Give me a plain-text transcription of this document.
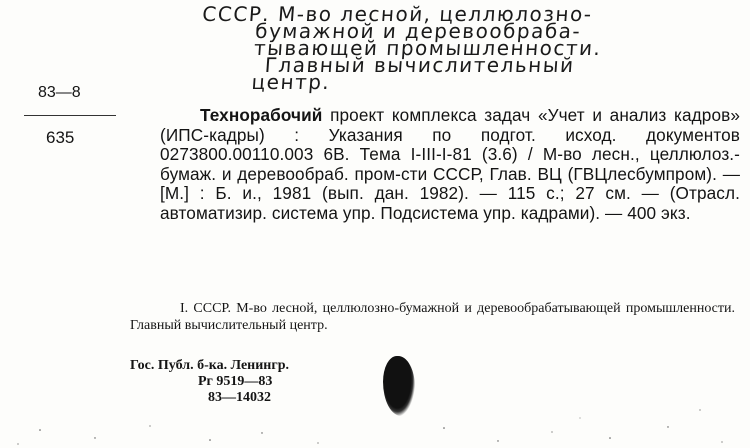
СССР. М-во лесной, целлюлозно-
бумажной и деревообраба-
тывающей промышленности.
Главный вычислительный
центр.
83—8
635
Технорабочий проект комплекса задач «Учет и анализ кадров» (ИПС-кадры) : Указания по подгот. исход. документов 0273800.00110.003 6В. Тема I-III-I-81 (3.6) / М-во лесн., целлюлоз.-бумаж. и деревообраб. пром-сти СССР, Глав. ВЦ (ГВЦлесбумпром). — [М.] : Б. и., 1981 (вып. дан. 1982). — 115 с.; 27 см. — (Отрасл. автоматизир. система упр. Подсистема упр. кадрами). — 400 экз.
I. СССР. М-во лесной, целлюлозно-бумажной и деревообрабатывающей промышленности. Главный вычислительный центр.
Гос. Публ. б-ка. Ленингр.
Рг 9519—83
83—14032
